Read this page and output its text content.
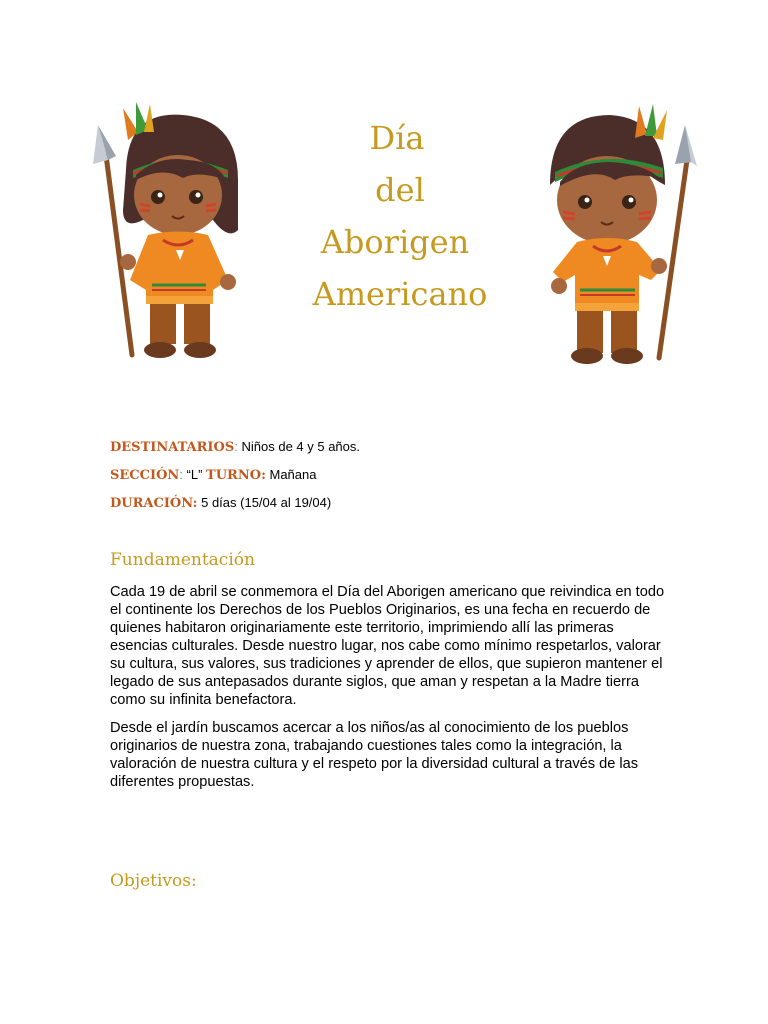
Día
del
Aborigen
Americano
DESTINATARIOS: Niños de 4 y 5 años.
SECCIÓN: “L” TURNO: Mañana
DURACIÓN: 5 días (15/04 al 19/04)
Fundamentación

Cada 19 de abril se conmemora el Día del Aborigen americano que reivindica en todo el continente los Derechos de los Pueblos Originarios, es una fecha en recuerdo de quienes habitaron originariamente este territorio, imprimiendo allí las primeras esencias culturales. Desde nuestro lugar, nos cabe como mínimo respetarlos, valorar su cultura, sus valores, sus tradiciones y aprender de ellos, que supieron mantener el legado de sus antepasados durante siglos, que aman y respetan a la Madre tierra como su infinita benefactora.

Desde el jardín buscamos acercar a los niños/as al conocimiento de los pueblos originarios de nuestra zona, trabajando cuestiones tales como la integración, la valoración de nuestra cultura y el respeto por la diversidad cultural a través de las diferentes propuestas.

Objetivos:
